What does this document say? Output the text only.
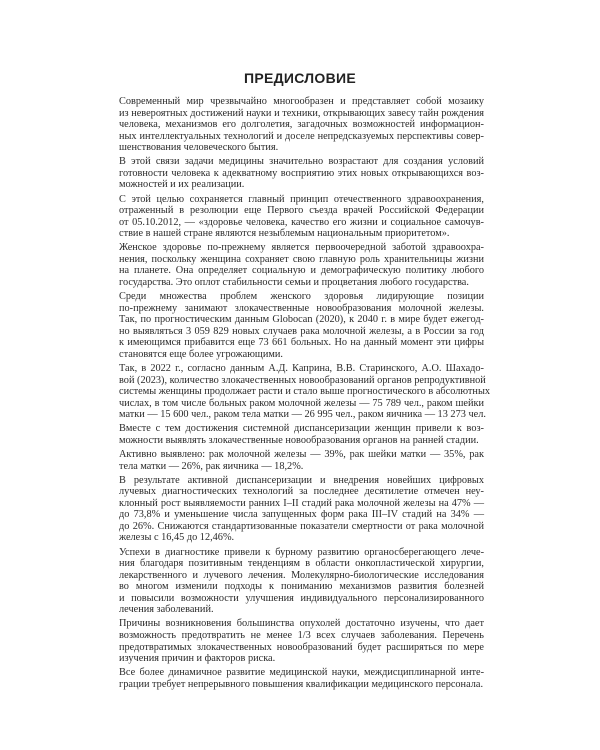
ПРЕДИСЛОВИЕ

Современный мир чрезвычайно многообразен и представляет собой мозаику
из невероятных достижений науки и техники, открывающих завесу тайн рождения
человека, механизмов его долголетия, загадочных возможностей информацион-
ных интеллектуальных технологий и доселе непредсказуемых перспективы совер-
шенствования человеческого бытия.

В этой связи задачи медицины значительно возрастают для создания условий
готовности человека к адекватному восприятию этих новых открывающихся воз-
можностей и их реализации.

С этой целью сохраняется главный принцип отечественного здравоохранения,
отраженный в резолюции еще Первого съезда врачей Российской Федерации
от 05.10.2012, — «здоровье человека, качество его жизни и социальное самочув-
ствие в нашей стране являются незыблемым национальным приоритетом».

Женское здоровье по-прежнему является первоочередной заботой здравоохра-
нения, поскольку женщина сохраняет свою главную роль хранительницы жизни
на планете. Она определяет социальную и демографическую политику любого
государства. Это оплот стабильности семьи и процветания любого государства.

Среди множества проблем женского здоровья лидирующие позиции
по-прежнему занимают злокачественные новообразования молочной железы.
Так, по прогностическим данным Globocan (2020), к 2040 г. в мире будет ежегод-
но выявляться 3 059 829 новых случаев рака молочной железы, а в России за год
к имеющимся прибавится еще 73 661 больных. Но на данный момент эти цифры
становятся еще более угрожающими.

Так, в 2022 г., согласно данным А.Д. Каприна, В.В. Старинского, А.О. Шахадо-
вой (2023), количество злокачественных новообразований органов репродуктивной
системы женщины продолжает расти и стало выше прогностического в абсолютных
числах, в том числе больных раком молочной железы — 75 789 чел., раком шейки
матки — 15 600 чел., раком тела матки — 26 995 чел., раком яичника — 13 273 чел.

Вместе с тем достижения системной диспансеризации женщин привели к воз-
можности выявлять злокачественные новообразования органов на ранней стадии.

Активно выявлено: рак молочной железы — 39%, рак шейки матки — 35%, рак
тела матки — 26%, рак яичника — 18,2%.

В результате активной диспансеризации и внедрения новейших цифровых
лучевых диагностических технологий за последнее десятилетие отмечен неу-
клонный рост выявляемости ранних I–II стадий рака молочной железы на 47% —
до 73,8% и уменьшение числа запущенных форм рака III–IV стадий на 34% —
до 26%. Снижаются стандартизованные показатели смертности от рака молочной
железы с 16,45 до 12,46%.

Успехи в диагностике привели к бурному развитию органосберегающего лече-
ния благодаря позитивным тенденциям в области онкопластической хирургии,
лекарственного и лучевого лечения. Молекулярно-биологические исследования
во многом изменили подходы к пониманию механизмов развития болезней
и повысили возможности улучшения индивидуального персонализированного
лечения заболеваний.

Причины возникновения большинства опухолей достаточно изучены, что дает
возможность предотвратить не менее 1/3 всех случаев заболевания. Перечень
предотвратимых злокачественных новообразований будет расширяться по мере
изучения причин и факторов риска.

Все более динамичное развитие медицинской науки, междисциплинарной инте-
грации требует непрерывного повышения квалификации медицинского персонала.
